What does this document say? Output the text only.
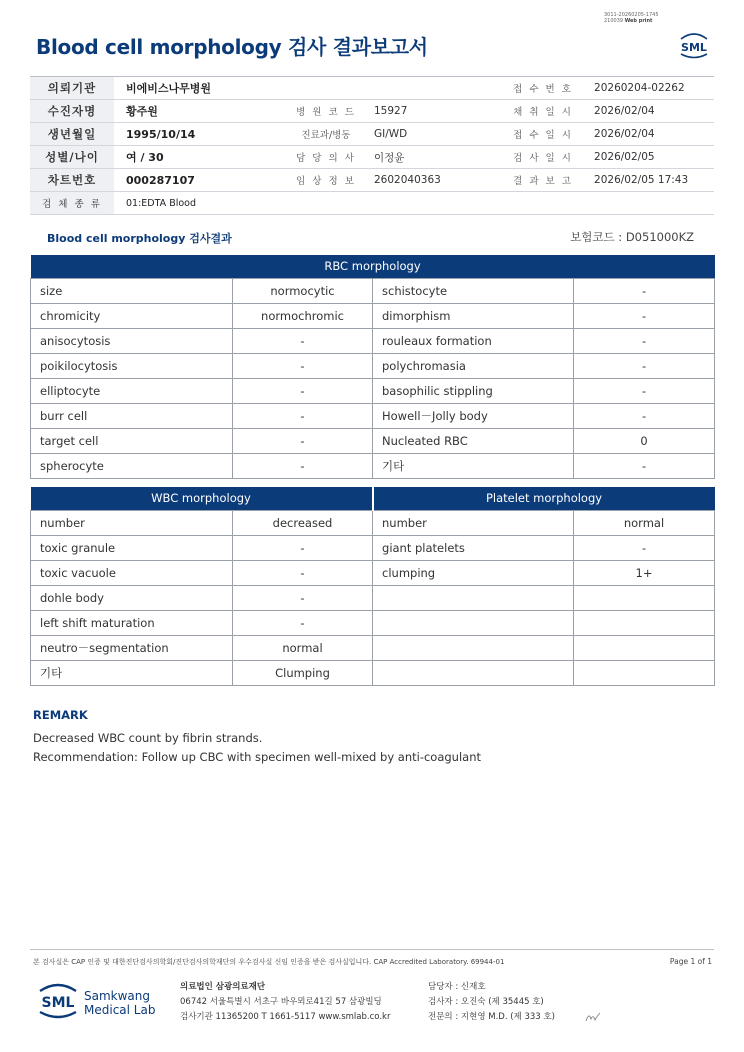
3011-20260205-1745
210039 Web print
Blood cell morphology 검사 결과보고서	SML
의뢰기관	비에비스나무병원			접 수 번 호	20260204-02262
수진자명	황주원	병 원 코 드	15927	채 취 일 시	2026/02/04
생년월일	1995/10/14	진료과/병동	GI/WD	접 수 일 시	2026/02/04
성별/나이	여 / 30	담 당 의 사	이정윤	검 사 일 시	2026/02/05
차트번호	000287107	임 상 정 보	2602040363	결 과 보 고	2026/02/05 17:43
검 체 종 류	01:EDTA Blood				
Blood cell morphology 검사결과	보험코드 : D051000KZ
RBC morphology			
size	normocytic	schistocyte	-
chromicity	normochromic	dimorphism	-
anisocytosis	-	rouleaux formation	-
poikilocytosis	-	polychromasia	-
elliptocyte	-	basophilic stippling	-
burr cell	-	Howell－Jolly body	-
target cell	-	Nucleated RBC	0
spherocyte	-	기타	-
WBC morphology		Platelet morphology	
number	decreased	number	normal
toxic granule	-	giant platelets	-
toxic vacuole	-	clumping	1+
dohle body	-		
left shift maturation	-		
neutro－segmentation	normal		
기타	Clumping		
REMARK
Decreased WBC count by fibrin strands.
Recommendation: Follow up CBC with specimen well-mixed by anti-coagulant
본 검사실은 CAP 인증 및 대한진단검사의학회/진단검사의학재단의 우수검사실 신임 인증을 받은 검사실입니다. CAP Accredited Laboratory. 69944-01	Page 1 of 1
SML Samkwang
Medical Lab
의료법인 삼광의료재단
06742 서울특별시 서초구 바우뫼로41길 57 삼광빌딩
검사기관 11365200 T 1661-5117 www.smlab.co.kr
담당자 : 신재호
검사자 : 오진숙 (제 35445 호)
전문의 : 지현영 M.D. (제 333 호)
